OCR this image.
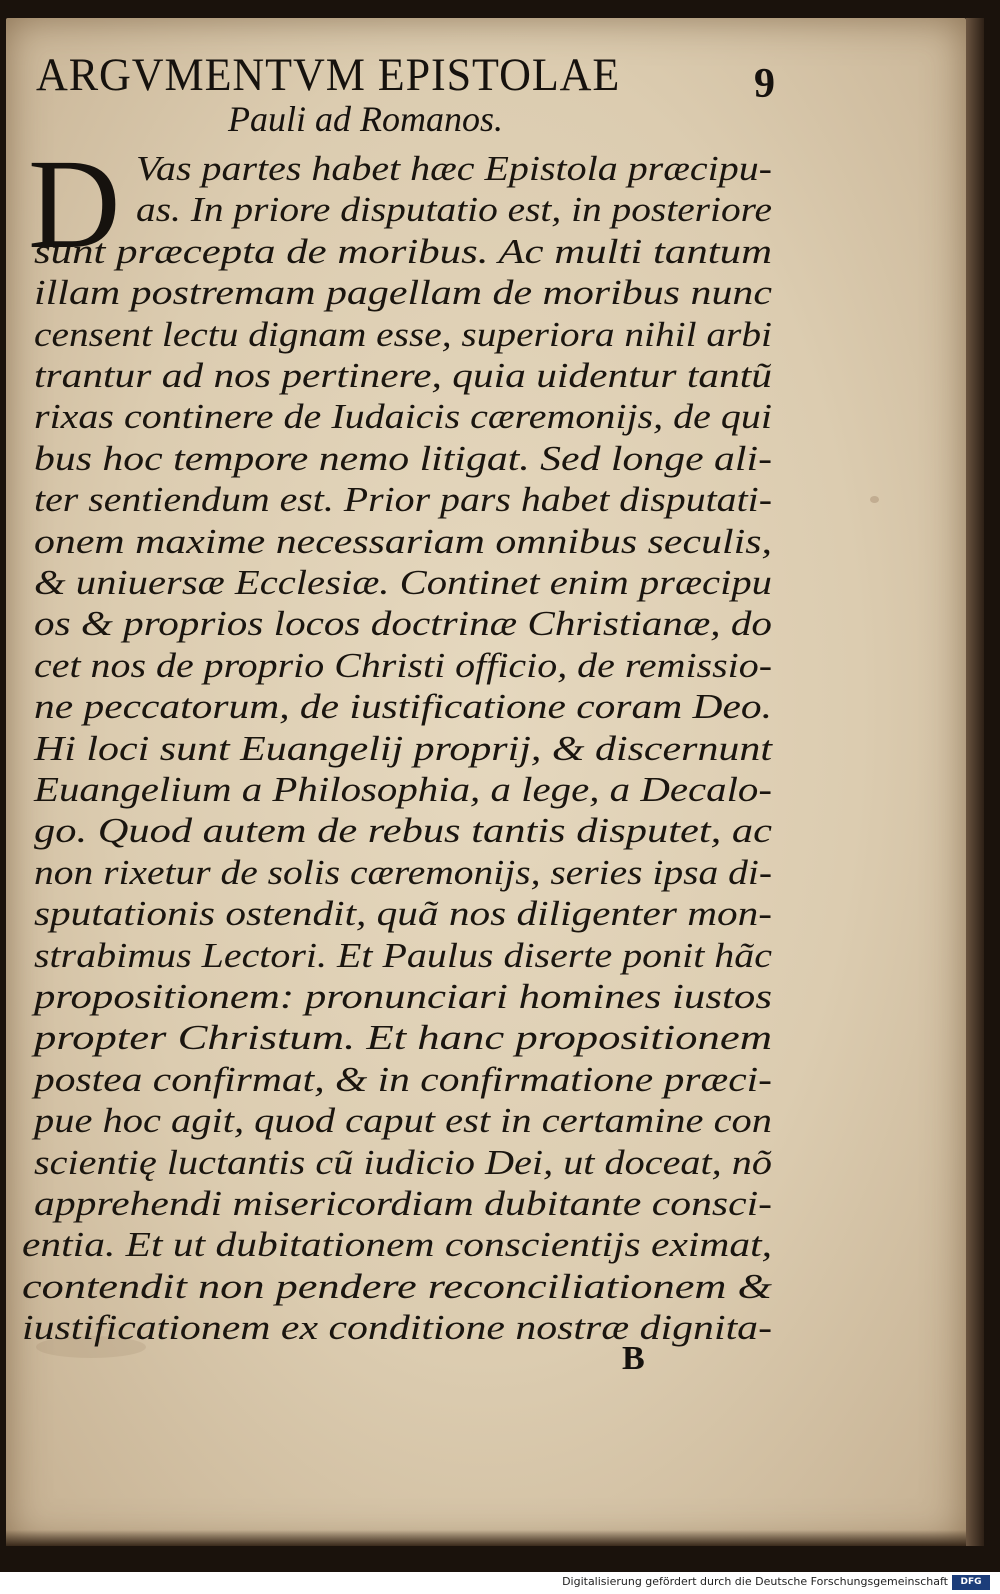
ARGVMENTVM EPISTOLAE	9
Pauli ad Romanos.
D Vas partes habet hæc Epistola præcipu-
as. In priore disputatio est, in posteriore
sunt præcepta de moribus. Ac multi tantum
illam postremam pagellam de moribus nunc
censent lectu dignam esse, superiora nihil arbi
trantur ad nos pertinere, quia uidentur tantũ
rixas continere de Iudaicis cæremonijs, de qui
bus hoc tempore nemo litigat. Sed longe ali-
ter sentiendum est. Prior pars habet disputati-
onem maxime necessariam omnibus seculis,
& uniuersæ Ecclesiæ. Continet enim præcipu
os & proprios locos doctrinæ Christianæ, do
cet nos de proprio Christi officio, de remissio-
ne peccatorum, de iustificatione coram Deo.
Hi loci sunt Euangelij proprij, & discernunt
Euangelium a Philosophia, a lege, a Decalo-
go. Quod autem de rebus tantis disputet, ac
non rixetur de solis cæremonijs, series ipsa di-
sputationis ostendit, quã nos diligenter mon-
strabimus Lectori. Et Paulus diserte ponit hãc
propositionem: pronunciari homines iustos
propter Christum. Et hanc propositionem
postea confirmat, & in confirmatione præci-
pue hoc agit, quod caput est in certamine con
scientię luctantis cũ iudicio Dei, ut doceat, nõ
apprehendi misericordiam dubitante consci-
entia. Et ut dubitationem conscientijs eximat,
contendit non pendere reconciliationem &
iustificationem ex conditione nostræ dignita-
B
Digitalisierung gefördert durch die Deutsche Forschungsgemeinschaft	DFG
